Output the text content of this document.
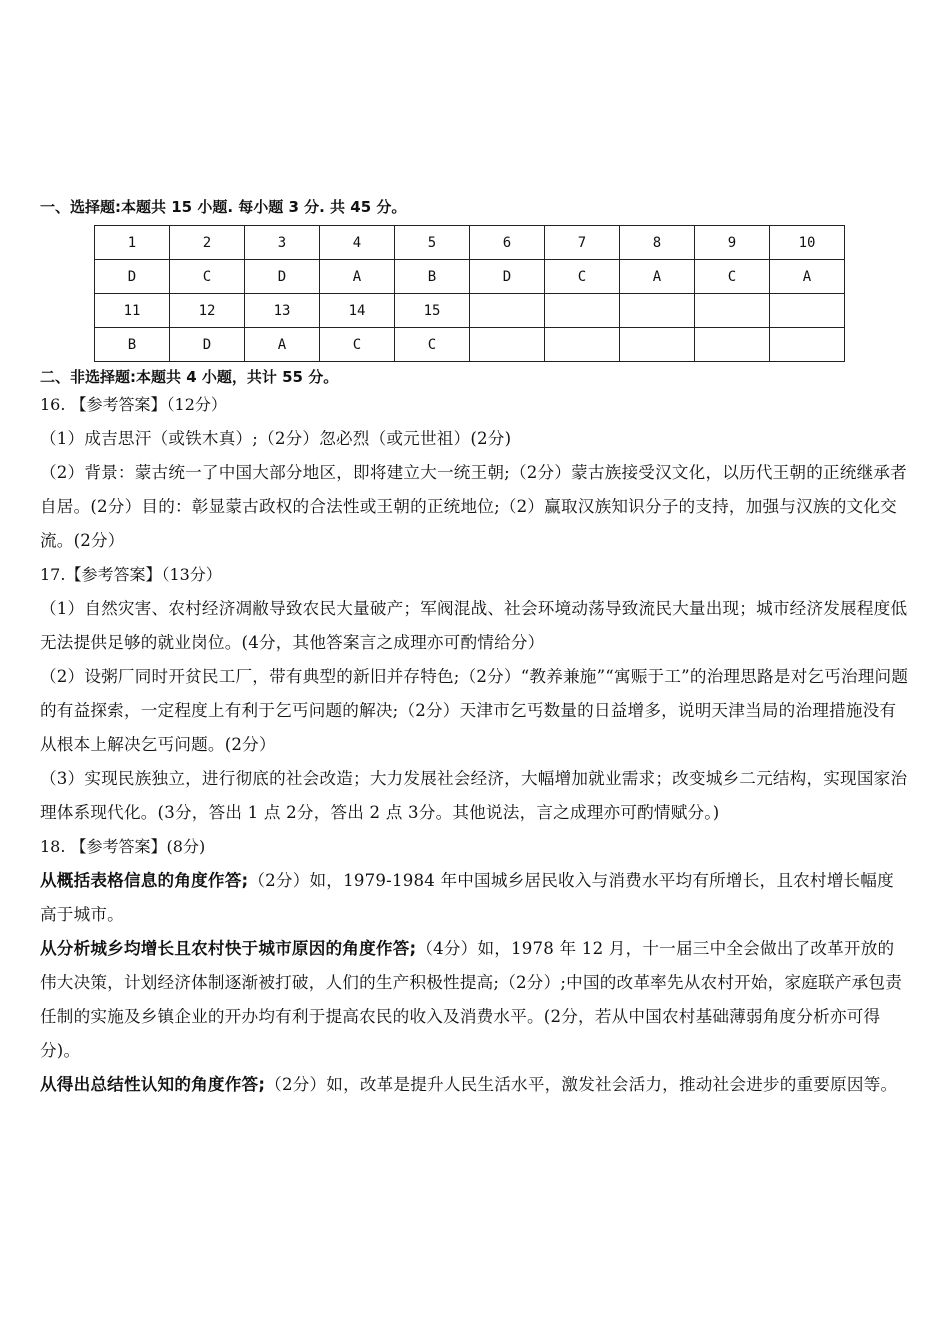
一、选择题:本题共 15 小题. 每小题 3 分. 共 45 分。

1	2	3	4	5	6	7	8	9	10
D	C	D	A	B	D	C	A	C	A
11	12	13	14	15					
B	D	A	C	C					

二、非选择题:本题共 4 小题，共计 55 分。

16. 【参考答案】（12分）

（1）成吉思汗（或铁木真）;（2分）忽必烈（或元世祖）(2分)

（2）背景：蒙古统一了中国大部分地区，即将建立大一统王朝;（2分）蒙古族接受汉文化，以历代王朝的正统继承者自居。(2分）目的：彰显蒙古政权的合法性或王朝的正统地位;（2）赢取汉族知识分子的支持，加强与汉族的文化交流。(2分）

17.【参考答案】（13分）

（1）自然灾害、农村经济凋敝导致农民大量破产；军阀混战、社会环境动荡导致流民大量出现；城市经济发展程度低无法提供足够的就业岗位。(4分，其他答案言之成理亦可酌情给分）

（2）设粥厂同时开贫民工厂，带有典型的新旧并存特色;（2分）“教养兼施”“寓赈于工”的治理思路是对乞丐治理问题的有益探索，一定程度上有利于乞丐问题的解决;（2分）天津市乞丐数量的日益增多，说明天津当局的治理措施没有从根本上解决乞丐问题。(2分）

（3）实现民族独立，进行彻底的社会改造；大力发展社会经济，大幅增加就业需求；改变城乡二元结构，实现国家治理体系现代化。(3分，答出 1 点 2分，答出 2 点 3分。其他说法，言之成理亦可酌情赋分。)

18. 【参考答案】(8分)

从概括表格信息的角度作答;（2分）如，1979-1984 年中国城乡居民收入与消费水平均有所增长，且农村增长幅度高于城市。

从分析城乡均增长且农村快于城市原因的角度作答;（4分）如，1978 年 12 月，十一届三中全会做出了改革开放的伟大决策，计划经济体制逐渐被打破，人们的生产积极性提高;（2分）;中国的改革率先从农村开始，家庭联产承包责任制的实施及乡镇企业的开办均有利于提高农民的收入及消费水平。(2分，若从中国农村基础薄弱角度分析亦可得分)。

从得出总结性认知的角度作答;（2分）如，改革是提升人民生活水平，激发社会活力，推动社会进步的重要原因等。
